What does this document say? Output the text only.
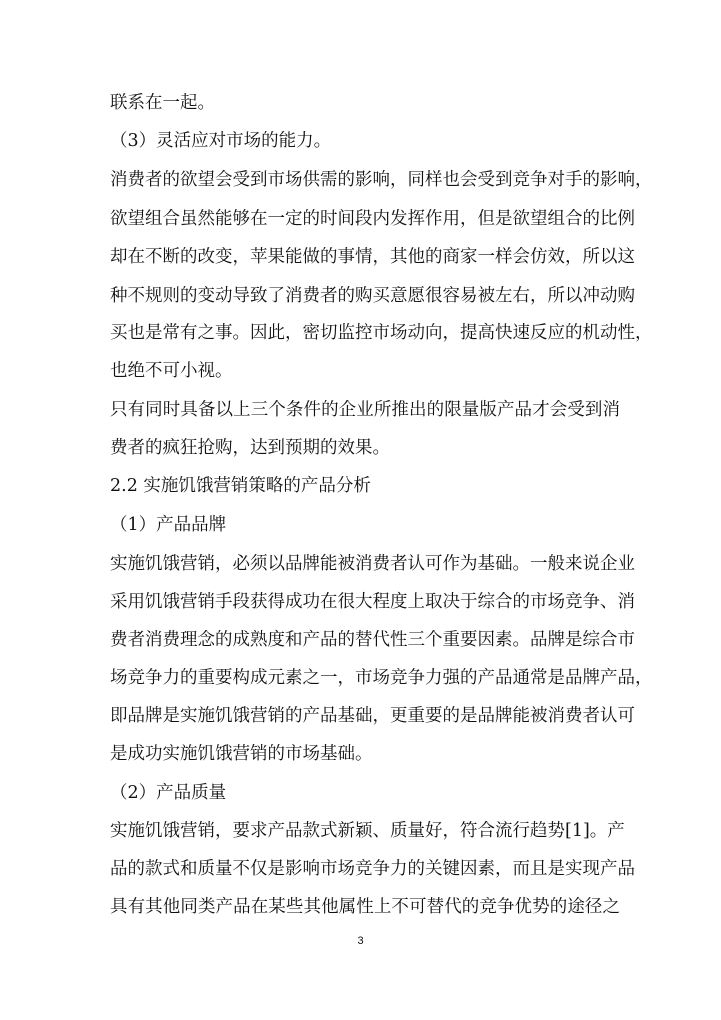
联系在一起。
（3）灵活应对市场的能力。
消费者的欲望会受到市场供需的影响，同样也会受到竞争对手的影响，
欲望组合虽然能够在一定的时间段内发挥作用，但是欲望组合的比例
却在不断的改变，苹果能做的事情，其他的商家一样会仿效，所以这
种不规则的变动导致了消费者的购买意愿很容易被左右，所以冲动购
买也是常有之事。因此，密切监控市场动向，提高快速反应的机动性，
也绝不可小视。
只有同时具备以上三个条件的企业所推出的限量版产品才会受到消
费者的疯狂抢购，达到预期的效果。
2.2 实施饥饿营销策略的产品分析
（1）产品品牌
实施饥饿营销，必须以品牌能被消费者认可作为基础。一般来说企业
采用饥饿营销手段获得成功在很大程度上取决于综合的市场竞争、消
费者消费理念的成熟度和产品的替代性三个重要因素。品牌是综合市
场竞争力的重要构成元素之一，市场竞争力强的产品通常是品牌产品，
即品牌是实施饥饿营销的产品基础，更重要的是品牌能被消费者认可
是成功实施饥饿营销的市场基础。
（2）产品质量
实施饥饿营销，要求产品款式新颖、质量好，符合流行趋势[1]。产
品的款式和质量不仅是影响市场竞争力的关键因素，而且是实现产品
具有其他同类产品在某些其他属性上不可替代的竞争优势的途径之
3
